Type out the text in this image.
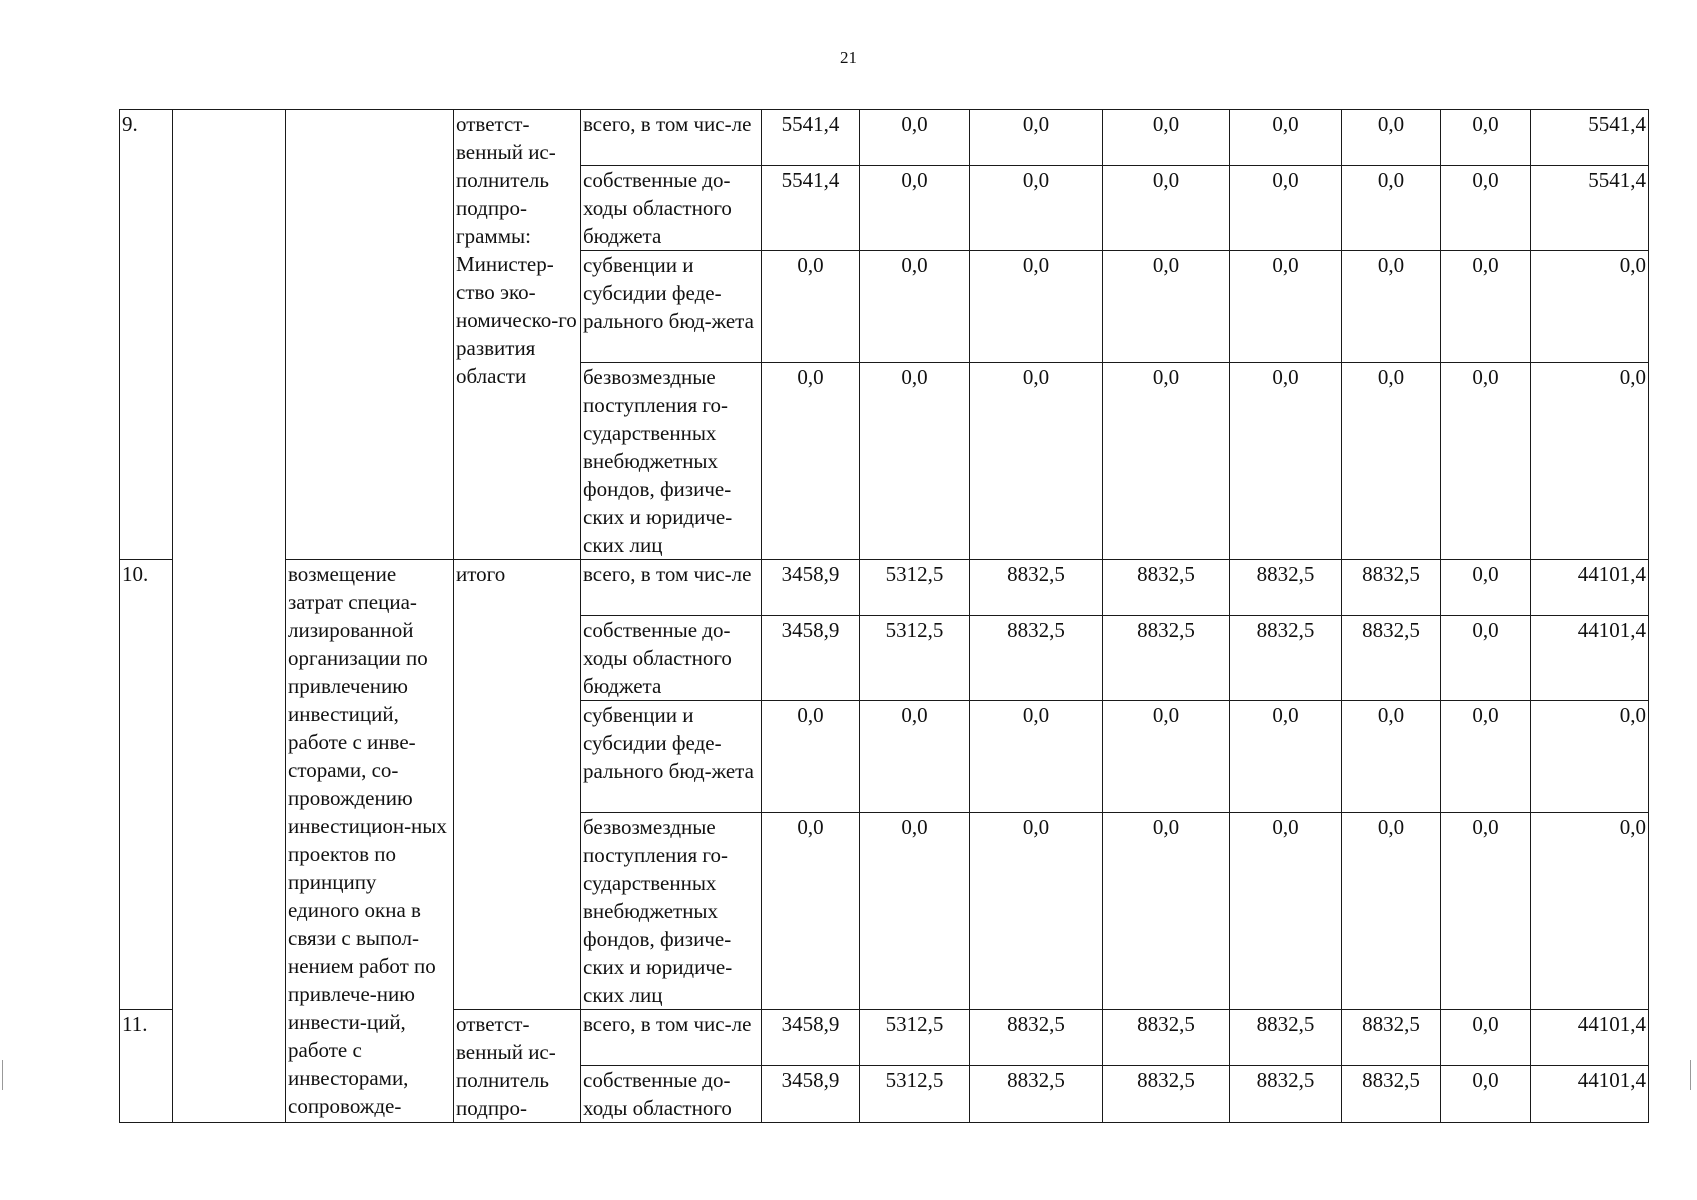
21
9.			ответст-венный ис-полнитель подпро-граммы: Министер-ство эко-номическо-го развития области	всего, в том чис-ле	5541,4	0,0	0,0	0,0	0,0	0,0	0,0	5541,4
				собственные до-ходы областного бюджета	5541,4	0,0	0,0	0,0	0,0	0,0	0,0	5541,4
				субвенции и субсидии феде-рального бюд-жета	0,0	0,0	0,0	0,0	0,0	0,0	0,0	0,0
				безвозмездные поступления го-сударственных внебюджетных фондов, физиче-ских и юридиче-ских лиц	0,0	0,0	0,0	0,0	0,0	0,0	0,0	0,0
10.		возмещение затрат специа-лизированной организации по привлечению инвестиций, работе с инве-сторами, со-провождению инвестицион-ных проектов по принципу единого окна в связи с выпол-нением работ по привлече-нию инвести-ций, работе с инвесторами, сопровожде-	итого	всего, в том чис-ле	3458,9	5312,5	8832,5	8832,5	8832,5	8832,5	0,0	44101,4
				собственные до-ходы областного бюджета	3458,9	5312,5	8832,5	8832,5	8832,5	8832,5	0,0	44101,4
				субвенции и субсидии феде-рального бюд-жета	0,0	0,0	0,0	0,0	0,0	0,0	0,0	0,0
				безвозмездные поступления го-сударственных внебюджетных фондов, физиче-ских и юридиче-ских лиц	0,0	0,0	0,0	0,0	0,0	0,0	0,0	0,0
11.			ответст-венный ис-полнитель подпро-	всего, в том чис-ле	3458,9	5312,5	8832,5	8832,5	8832,5	8832,5	0,0	44101,4
				собственные до-ходы областного	3458,9	5312,5	8832,5	8832,5	8832,5	8832,5	0,0	44101,4
